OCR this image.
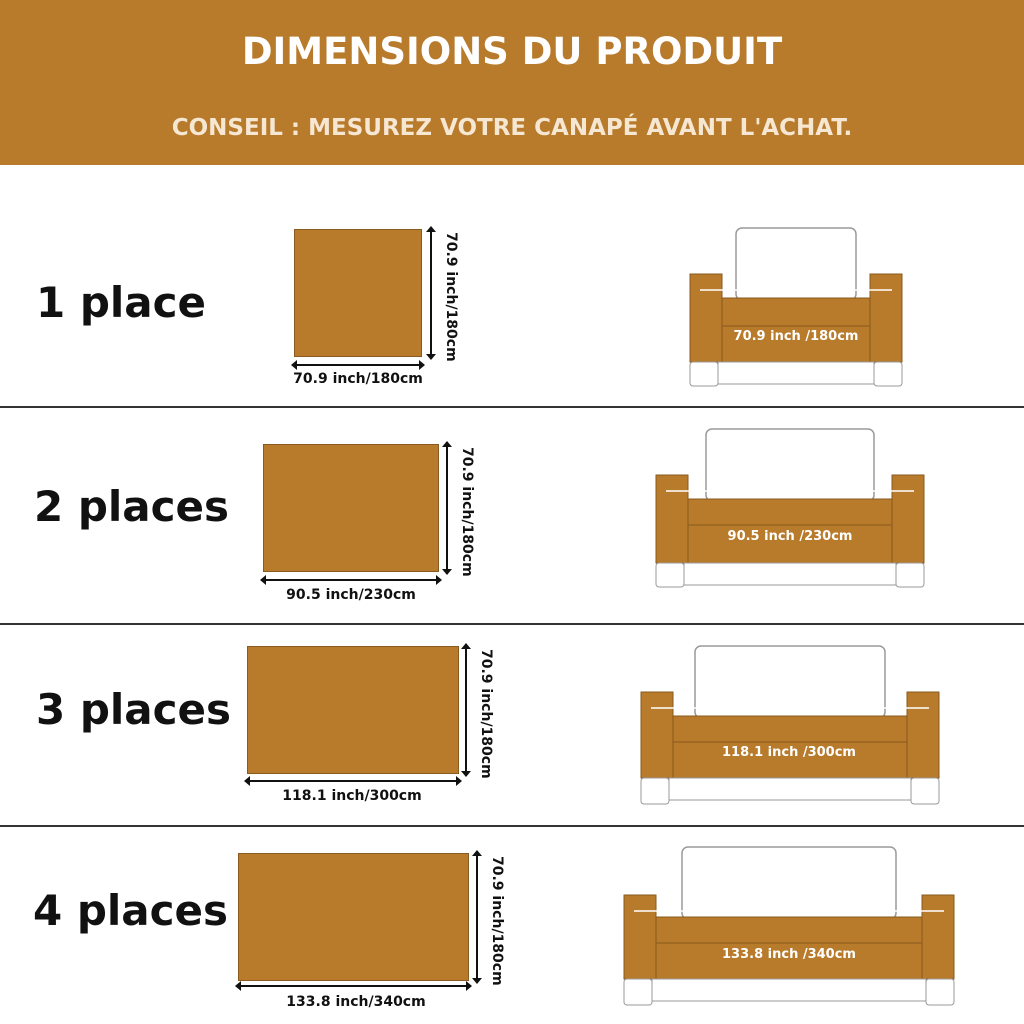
DIMENSIONS DU PRODUIT
CONSEIL : MESUREZ VOTRE CANAPÉ AVANT L'ACHAT.
1 place	70.9 inch/180cm
70.9 inch/180cm
70.9 inch /180cm
2 places	70.9 inch/180cm
90.5 inch/230cm
90.5 inch /230cm
3 places	70.9 inch/180cm
118.1 inch/300cm
118.1 inch /300cm
4 places	70.9 inch/180cm
133.8 inch/340cm
133.8 inch /340cm
